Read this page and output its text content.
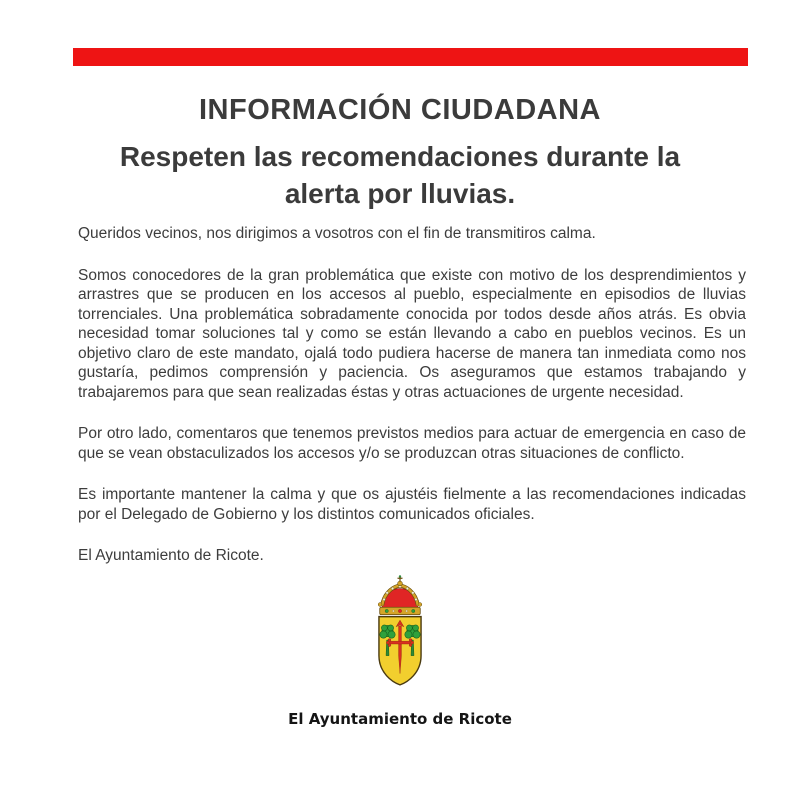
INFORMACIÓN CIUDADANA
Respeten las recomendaciones durante la
alerta por lluvias.

Queridos vecinos, nos dirigimos a vosotros con el fin de transmitiros calma.

Somos conocedores de la gran problemática que existe con motivo de los desprendimientos y arrastres que se producen en los accesos al pueblo, especialmente en episodios de lluvias torrenciales. Una problemática sobradamente conocida por todos desde años atrás. Es obvia necesidad tomar soluciones tal y como se están llevando a cabo en pueblos vecinos. Es un objetivo claro de este mandato, ojalá todo pudiera hacerse de manera tan inmediata como nos gustaría, pedimos comprensión y paciencia. Os aseguramos que estamos trabajando y trabajaremos para que sean realizadas éstas y otras actuaciones de urgente necesidad.

Por otro lado, comentaros que tenemos previstos medios para actuar de emergencia en caso de que se vean obstaculizados los accesos y/o se produzcan otras situaciones de conflicto.

Es importante mantener la calma y que os ajustéis fielmente a las recomendaciones indicadas por el Delegado de Gobierno y los distintos comunicados oficiales.

El Ayuntamiento de Ricote.

El Ayuntamiento de Ricote
